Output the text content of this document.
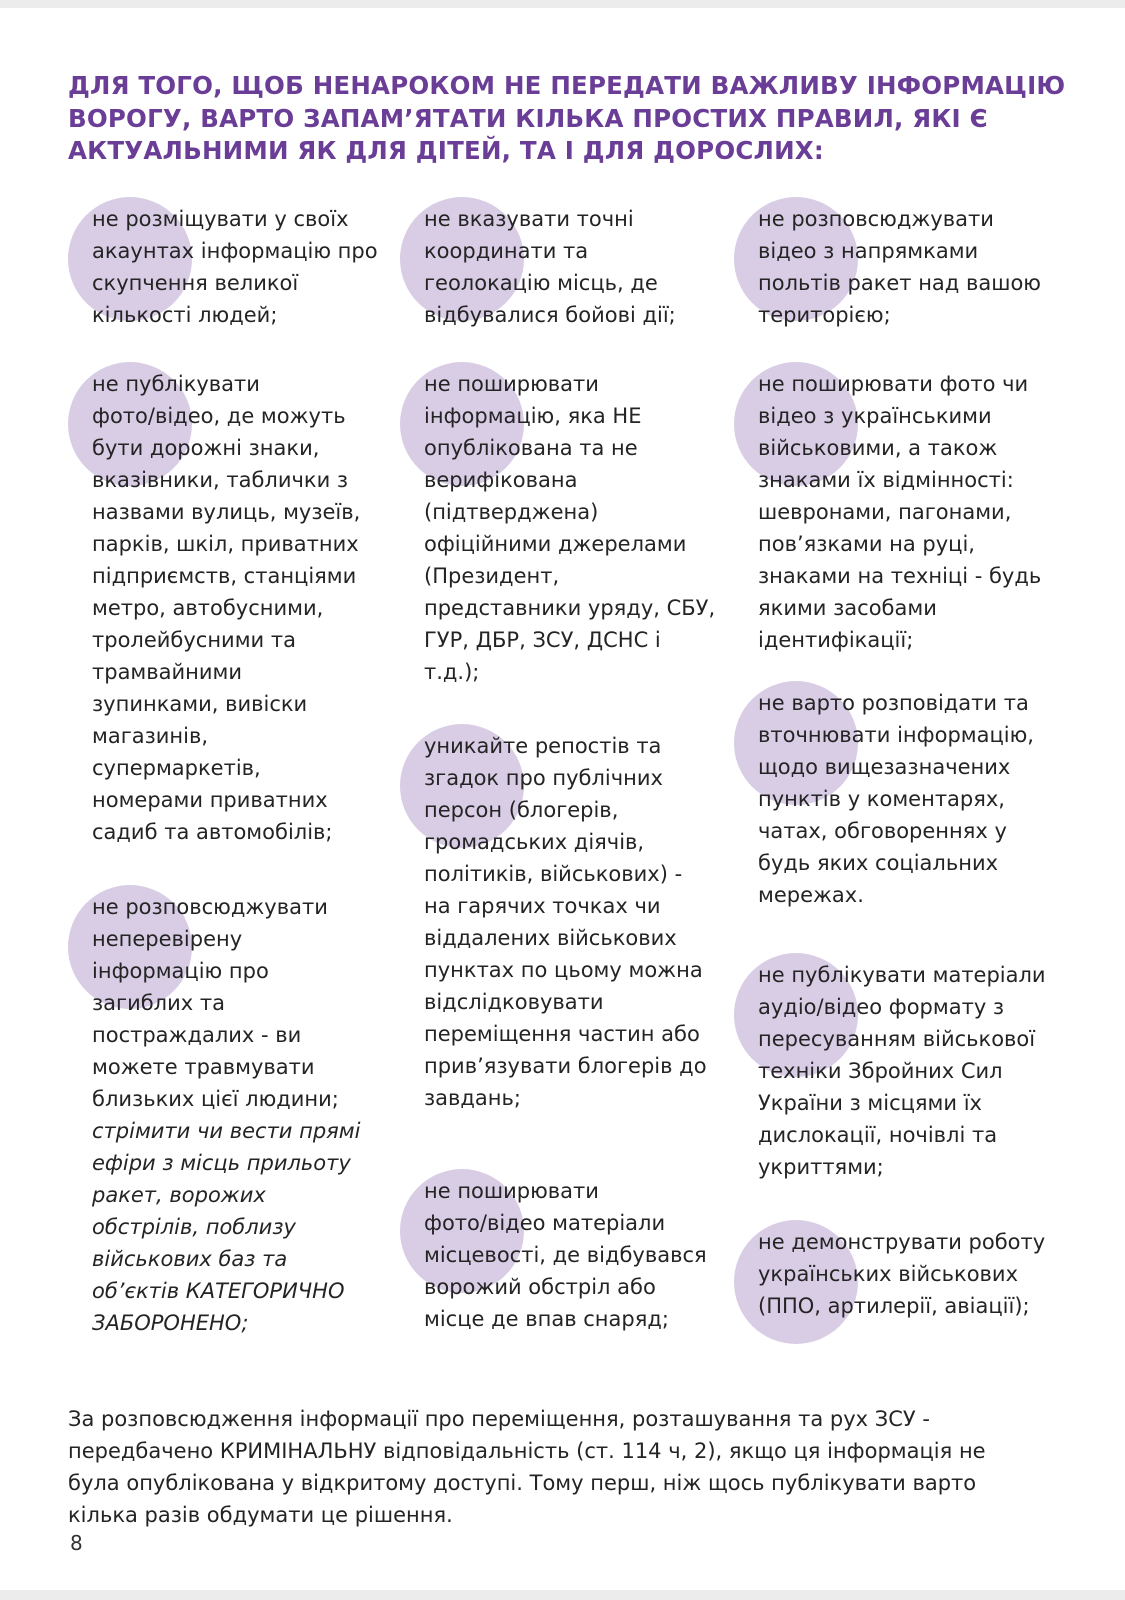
ДЛЯ ТОГО, ЩОБ НЕНАРОКОМ НЕ ПЕРЕДАТИ ВАЖЛИВУ ІНФОРМАЦІЮ ВОРОГУ, ВАРТО ЗАПАМ’ЯТАТИ КІЛЬКА ПРОСТИХ ПРАВИЛ, ЯКІ Є АКТУАЛЬНИМИ ЯК ДЛЯ ДІТЕЙ, ТА І ДЛЯ ДОРОСЛИХ:

не розміщувати у своїх
акаунтах інформацію про
скупчення великої
кількості людей;

не публікувати
фото/відео, де можуть
бути дорожні знаки,
вказівники, таблички з
назвами вулиць, музеїв,
парків, шкіл, приватних
підприємств, станціями
метро, автобусними,
тролейбусними та
трамвайними
зупинками, вивіски
магазинів,
супермаркетів,
номерами приватних
садиб та автомобілів;

не розповсюджувати
неперевірену
інформацію про
загиблих та
постраждалих - ви
можете травмувати
близьких цієї людини;

стрімити чи вести прямі
ефіри з місць прильоту
ракет, ворожих
обстрілів, поблизу
військових баз та
об’єктів КАТЕГОРИЧНО
ЗАБОРОНЕНО;

не вказувати точні
координати та
геолокацію місць, де
відбувалися бойові дії;

не поширювати
інформацію, яка НЕ
опублікована та не
верифікована
(підтверджена)
офіційними джерелами
(Президент,
представники уряду, СБУ,
ГУР, ДБР, ЗСУ, ДСНС і
т.д.);

уникайте репостів та
згадок про публічних
персон (блогерів,
громадських діячів,
політиків, військових) -
на гарячих точках чи
віддалених військових
пунктах по цьому можна
відслідковувати
переміщення частин або
прив’язувати блогерів до
завдань;

не поширювати
фото/відео матеріали
місцевості, де відбувався
ворожий обстріл або
місце де впав снаряд;

не розповсюджувати
відео з напрямками
польтів ракет над вашою
територією;

не поширювати фото чи
відео з українськими
військовими, а також
знаками їх відмінності:
шевронами, пагонами,
пов’язками на руці,
знаками на техніці - будь
якими засобами
ідентифікації;

не варто розповідати та
вточнювати інформацію,
щодо вищезазначених
пунктів у коментарях,
чатах, обговореннях у
будь яких соціальних
мережах.

не публікувати матеріали
аудіо/відео формату з
пересуванням військової
техніки Збройних Сил
України з місцями їх
дислокації, ночівлі та
укриттями;

не демонструвати роботу
українських військових
(ППО, артилерії, авіації);

За розповсюдження інформації про переміщення, розташування та рух ЗСУ -
передбачено КРИМІНАЛЬНУ відповідальність (ст. 114 ч, 2), якщо ця інформація не
була опублікована у відкритому доступі. Тому перш, ніж щось публікувати варто
кілька разів обдумати це рішення.

8
